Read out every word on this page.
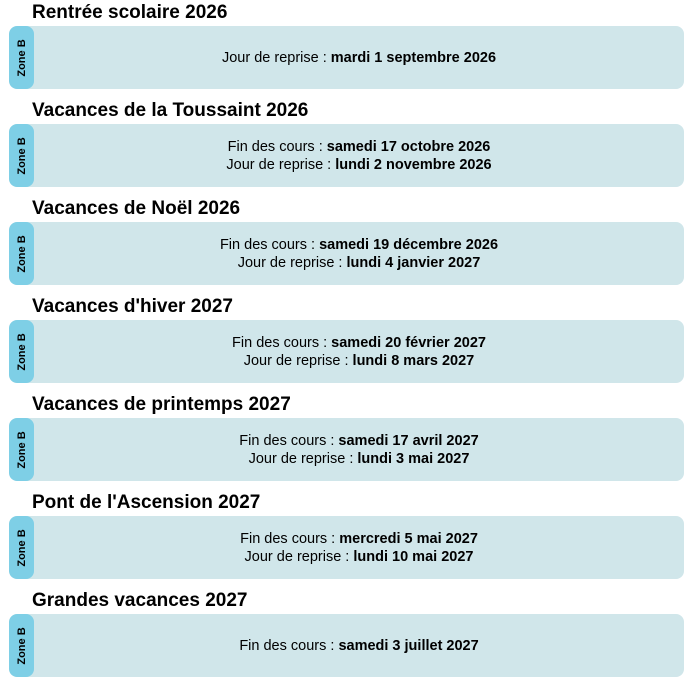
Rentrée scolaire 2026
Zone B	Jour de reprise : mardi 1 septembre 2026
Vacances de la Toussaint 2026
Zone B	Fin des cours : samedi 17 octobre 2026
Jour de reprise : lundi 2 novembre 2026
Vacances de Noël 2026
Zone B	Fin des cours : samedi 19 décembre 2026
Jour de reprise : lundi 4 janvier 2027
Vacances d'hiver 2027
Zone B	Fin des cours : samedi 20 février 2027
Jour de reprise : lundi 8 mars 2027
Vacances de printemps 2027
Zone B	Fin des cours : samedi 17 avril 2027
Jour de reprise : lundi 3 mai 2027
Pont de l'Ascension 2027
Zone B	Fin des cours : mercredi 5 mai 2027
Jour de reprise : lundi 10 mai 2027
Grandes vacances 2027
Zone B	Fin des cours : samedi 3 juillet 2027
